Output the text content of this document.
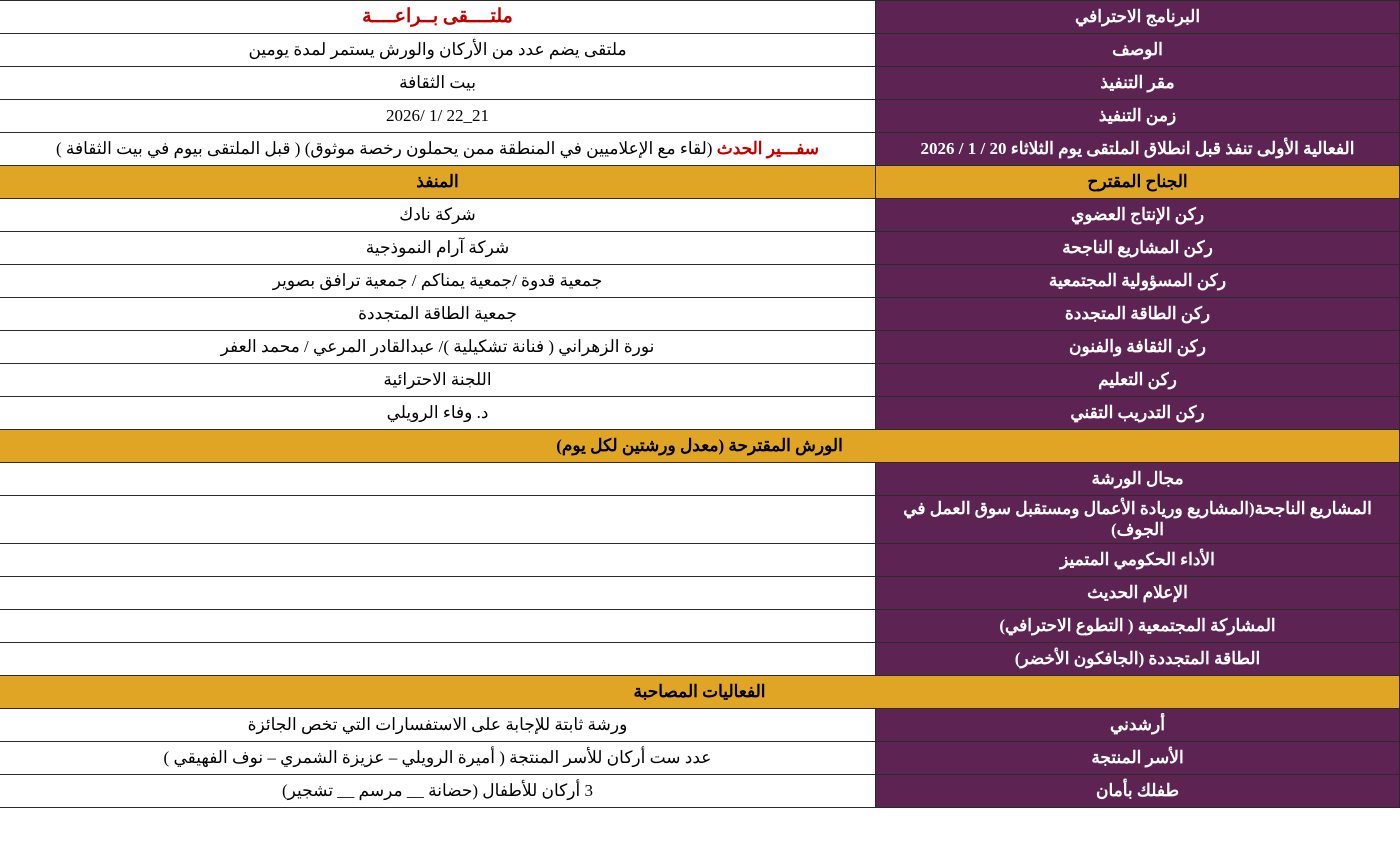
البرنامج الاحترافي	ملتــــقى بــراعــــة
الوصف	ملتقى يضم عدد من الأركان والورش يستمر لمدة يومين
مقر التنفيذ	بيت الثقافة
زمن التنفيذ	21_22 /1 /2026
الفعالية الأولى تنفذ قبل انطلاق الملتقى يوم الثلاثاء 20 / 1 / 2026	سفـــير الحدث (لقاء مع الإعلاميين في المنطقة ممن يحملون رخصة موثوق) ( قبل الملتقى بيوم في بيت الثقافة )
الجناح المقترح	المنفذ
ركن الإنتاج العضوي	شركة نادك
ركن المشاريع الناجحة	شركة آرام النموذجية
ركن المسؤولية المجتمعية	جمعية قدوة /جمعية يمناكم / جمعية ترافق بصوير
ركن الطاقة المتجددة	جمعية الطاقة المتجددة
ركن الثقافة والفنون	نورة الزهراني ( فنانة تشكيلية )/ عبدالقادر المرعي / محمد العفر
ركن التعليم	اللجنة الاحترائية
ركن التدريب التقني	د. وفاء الرويلي
الورش المقترحة (معدل ورشتين لكل يوم)	
مجال الورشة	
المشاريع الناجحة(المشاريع وريادة الأعمال ومستقبل سوق العمل في الجوف)	
الأداء الحكومي المتميز	
الإعلام الحديث	
المشاركة المجتمعية ( التطوع الاحترافي)	
الطاقة المتجددة (الجافكون الأخضر)	
الفعاليات المصاحبة	
أرشدني	ورشة ثابتة للإجابة على الاستفسارات التي تخص الجائزة
الأسر المنتجة	عدد ست أركان للأسر المنتجة ( أميرة الرويلي – عزيزة الشمري – نوف الفهيقي )
طفلك بأمان	3 أركان للأطفال (حضانة __ مرسم __ تشجير)
